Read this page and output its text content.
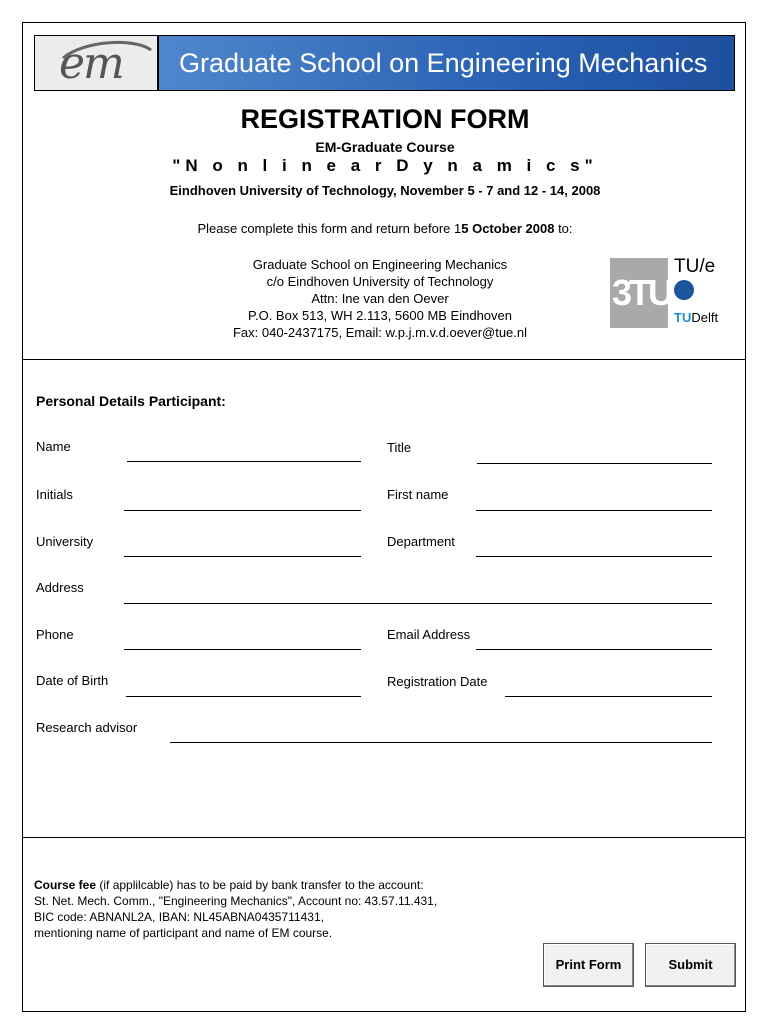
em	Graduate School on Engineering Mechanics
REGISTRATION FORM
EM-Graduate Course
"N o n l i n e a r D y n a m i c s"
Eindhoven University of Technology, November 5 - 7 and 12 - 14, 2008
Please complete this form and return before 15 October 2008 to:
Graduate School on Engineering Mechanics
c/o Eindhoven University of Technology
Attn: Ine van den Oever
P.O. Box 513, WH 2.113, 5600 MB Eindhoven
Fax: 040-2437175, Email: w.p.j.m.v.d.oever@tue.nl
3TU
TU/e
TUDelft
Personal Details Participant:
Name	Title
Initials	First name
University	Department
Address
Phone	Email Address
Date of Birth	Registration Date
Research advisor
Course fee (if applilcable) has to be paid by bank transfer to the account:
St. Net. Mech. Comm., "Engineering Mechanics", Account no: 43.57.11.431,
BIC code: ABNANL2A, IBAN: NL45ABNA0435711431,
mentioning name of participant and name of EM course.
Print Form	Submit
